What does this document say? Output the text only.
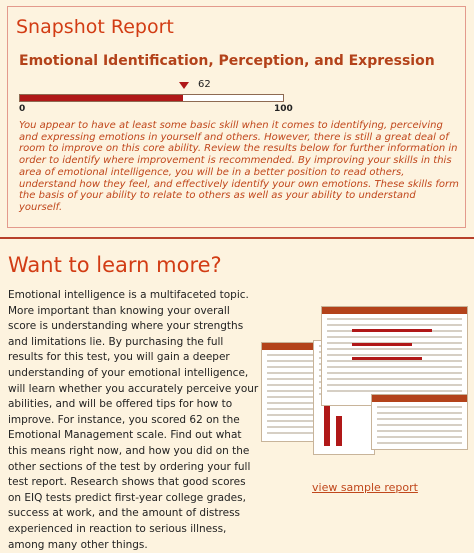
Snapshot Report
Emotional Identification, Perception, and Expression
62
0	100

You appear to have at least some basic skill when it comes to identifying, perceiving and expressing emotions in yourself and others. However, there is still a great deal of room to improve on this core ability. Review the results below for further information in order to identify where improvement is recommended. By improving your skills in this area of emotional intelligence, you will be in a better position to read others, understand how they feel, and effectively identify your own emotions. These skills form the basis of your ability to relate to others as well as your ability to understand yourself.

Want to learn more?

Emotional intelligence is a multifaceted topic. More important than knowing your overall score is understanding where your strengths and limitations lie. By purchasing the full results for this test, you will gain a deeper understanding of your emotional intelligence, will learn whether you accurately perceive your abilities, and will be offered tips for how to improve. For instance, you scored 62 on the Emotional Management scale. Find out what this means right now, and how you did on the other sections of the test by ordering your full test report. Research shows that good scores on EIQ tests predict first-year college grades, success at work, and the amount of distress experienced in reaction to serious illness, among many other things.

view sample report
